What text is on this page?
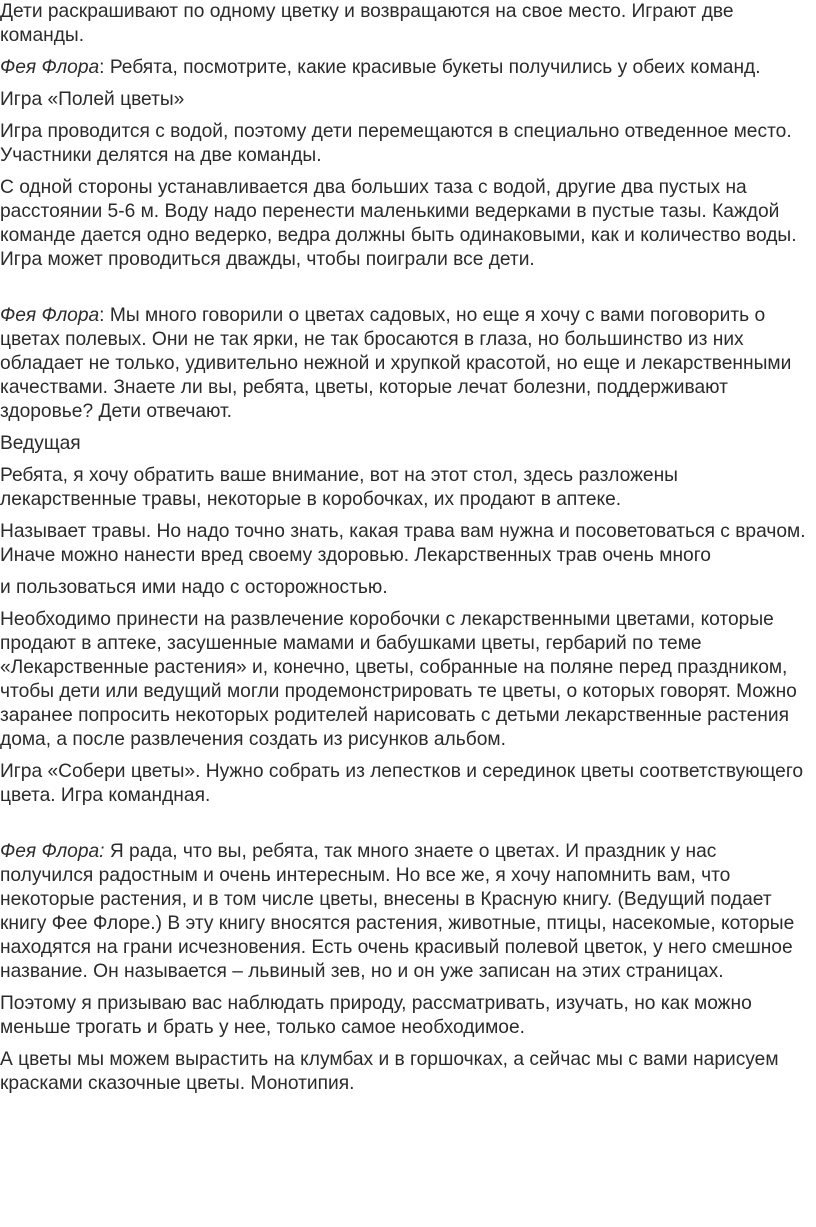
Дети раскрашивают по одному цветку и возвращаются на свое место. Играют две команды.

Фея Флора: Ребята, посмотрите, какие красивые букеты получились у обеих команд.

Игра «Полей цветы»

Игра проводится с водой, поэтому дети перемещаются в специально отведенное место. Участники делятся на две команды.

С одной стороны устанавливается два больших таза с водой, другие два пустых на расстоянии 5-6 м. Воду надо перенести маленькими ведерками в пустые тазы. Каждой команде дается одно ведерко, ведра должны быть одинаковыми, как и количество воды. Игра может проводиться дважды, чтобы поиграли все дети.

Фея Флора: Мы много говорили о цветах садовых, но еще я хочу с вами поговорить о цветах полевых. Они не так ярки, не так бросаются в глаза, но большинство из них обладает не только, удивительно нежной и хрупкой красотой, но еще и лекарственными качествами. Знаете ли вы, ребята, цветы, которые лечат болезни, поддерживают здоровье? Дети отвечают.

Ведущая

Ребята, я хочу обратить ваше внимание, вот на этот стол, здесь разложены лекарственные травы, некоторые в коробочках, их продают в аптеке.

Называет травы. Но надо точно знать, какая трава вам нужна и посоветоваться с врачом. Иначе можно нанести вред своему здоровью. Лекарственных трав очень много

и пользоваться ими надо с осторожностью.

Необходимо принести на развлечение коробочки с лекарственными цветами, которые продают в аптеке, засушенные мамами и бабушками цветы, гербарий по теме «Лекарственные растения» и, конечно, цветы, собранные на поляне перед праздником, чтобы дети или ведущий могли продемонстрировать те цветы, о которых говорят. Можно заранее попросить некоторых родителей нарисовать с детьми лекарственные растения дома, а после развлечения создать из рисунков альбом.

Игра «Собери цветы». Нужно собрать из лепестков и серединок цветы соответствующего цвета. Игра командная.

Фея Флора: Я рада, что вы, ребята, так много знаете о цветах. И праздник у нас получился радостным и очень интересным. Но все же, я хочу напомнить вам, что некоторые растения, и в том числе цветы, внесены в Красную книгу. (Ведущий подает книгу Фее Флоре.) В эту книгу вносятся растения, животные, птицы, насекомые, которые находятся на грани исчезновения. Есть очень красивый полевой цветок, у него смешное название. Он называется – львиный зев, но и он уже записан на этих страницах.

Поэтому я призываю вас наблюдать природу, рассматривать, изучать, но как можно меньше трогать и брать у нее, только самое необходимое.

А цветы мы можем вырастить на клумбах и в горшочках, а сейчас мы с вами нарисуем красками сказочные цветы. Монотипия.
